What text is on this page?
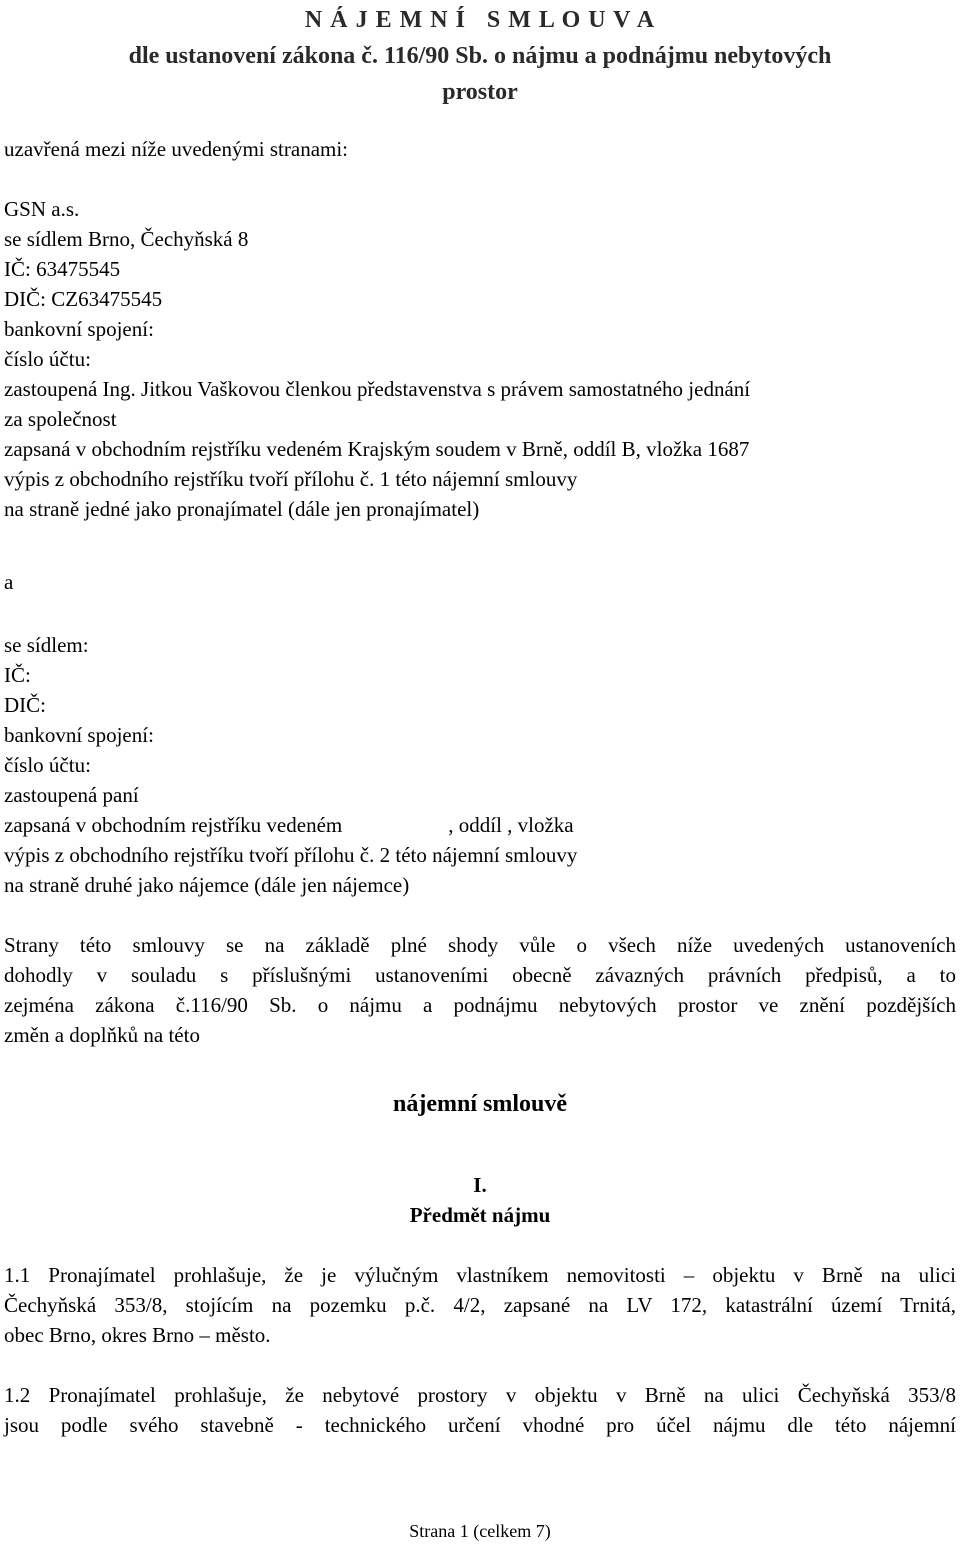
N Á J E M N Í   S M L O U V A
dle ustanovení zákona č. 116/90 Sb. o nájmu a podnájmu nebytových
prostor
uzavřená mezi níže uvedenými stranami:
GSN a.s.
se sídlem Brno, Čechyňská 8
IČ: 63475545
DIČ: CZ63475545
bankovní spojení:
číslo účtu:
zastoupená Ing. Jitkou Vaškovou členkou představenstva s právem samostatného jednání
za společnost
zapsaná v obchodním rejstříku vedeném Krajským soudem v Brně, oddíl B, vložka 1687
výpis z obchodního rejstříku tvoří přílohu č. 1 této nájemní smlouvy
na straně jedné jako pronajímatel (dále jen pronajímatel)
a
se sídlem:
IČ:
DIČ:
bankovní spojení:
číslo účtu:
zastoupená paní
zapsaná v obchodním rejstříku vedeném	, oddíl , vložka
výpis z obchodního rejstříku tvoří přílohu č. 2 této nájemní smlouvy
na straně druhé jako nájemce (dále jen nájemce)
Strany této smlouvy se na základě plné shody vůle o všech níže uvedených ustanoveních
dohodly v souladu s příslušnými ustanoveními obecně závazných právních předpisů, a to
zejména zákona č.116/90 Sb. o nájmu a podnájmu nebytových prostor ve znění pozdějších
změn a doplňků na této
nájemní smlouvě
I.
Předmět nájmu
1.1 Pronajímatel prohlašuje, že je výlučným vlastníkem nemovitosti – objektu v Brně na ulici
Čechyňská 353/8, stojícím na pozemku p.č. 4/2, zapsané na LV 172, katastrální území Trnitá,
obec Brno, okres Brno – město.
1.2 Pronajímatel prohlašuje, že nebytové prostory v objektu v Brně na ulici Čechyňská 353/8
jsou podle svého stavebně - technického určení vhodné pro účel nájmu dle této nájemní
Strana 1 (celkem 7)
